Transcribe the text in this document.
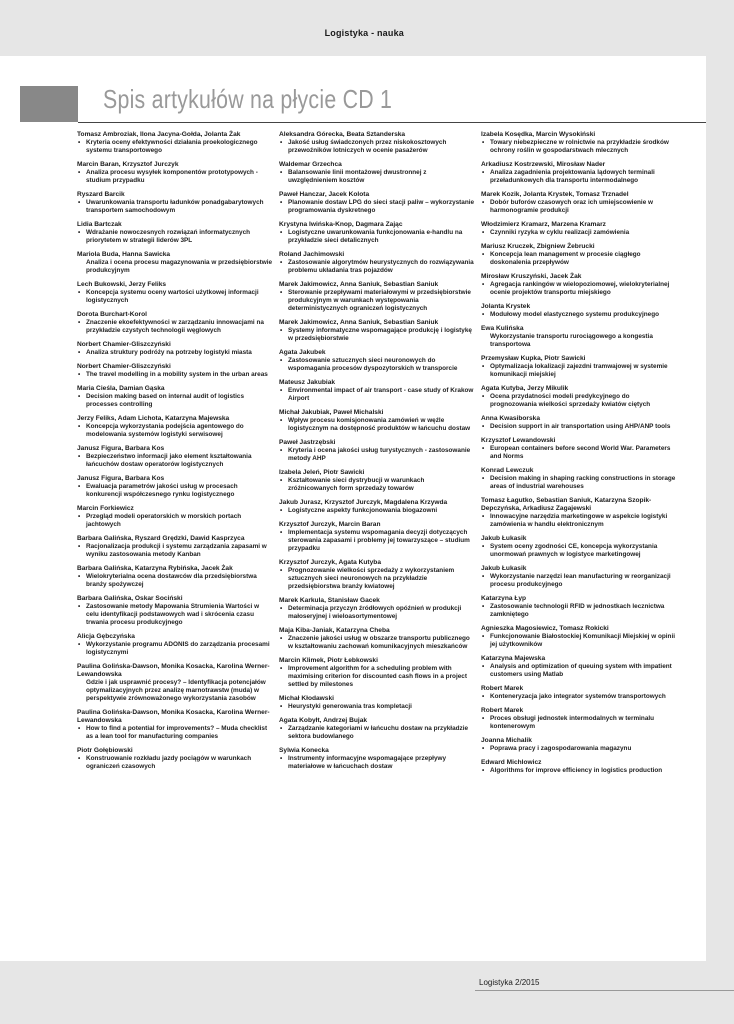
Logistyka - nauka
Spis artykułów na płycie CD 1
Tomasz Ambroziak, Ilona Jacyna-Gołda, Jolanta Żak
• Kryteria oceny efektywności działania proekologicznego systemu transportowego
Marcin Baran, Krzysztof Jurczyk
• Analiza procesu wysyłek komponentów prototypowych - studium przypadku
Ryszard Barcik
• Uwarunkowania transportu ładunków ponadgabarytowych transportem samochodowym
Lidia Bartczak
• Wdrażanie nowoczesnych rozwiązań informatycznych priorytetem w strategii liderów 3PL
Mariola Buda, Hanna Sawicka
Analiza i ocena procesu magazynowania w przedsiębiorstwie produkcyjnym
Lech Bukowski, Jerzy Feliks
• Koncepcja systemu oceny wartości użytkowej informacji logistycznych
Dorota Burchart-Korol
• Znaczenie ekoefektywności w zarządzaniu innowacjami na przykładzie czystych technologii węglowych
Norbert Chamier-Gliszczyński
• Analiza struktury podróży na potrzeby logistyki miasta
Norbert Chamier-Gliszczyński
• The travel modelling in a mobility system in the urban areas
Maria Cieśla, Damian Gąska
• Decision making based on internal audit of logistics processes controlling
Jerzy Feliks, Adam Lichota, Katarzyna Majewska
• Koncepcja wykorzystania podejścia agentowego do modelowania systemów logistyki serwisowej
Janusz Figura, Barbara Kos
• Bezpieczeństwo informacji jako element kształtowania łańcuchów dostaw operatorów logistycznych
Janusz Figura, Barbara Kos
• Ewaluacja parametrów jakości usług w procesach konkurencji współczesnego rynku logistycznego
Marcin Forkiewicz
• Przegląd modeli operatorskich w morskich portach jachtowych
Barbara Galińska, Ryszard Grędzki, Dawid Kasprzyca
• Racjonalizacja produkcji i systemu zarządzania zapasami w wyniku zastosowania metody Kanban
Barbara Galińska, Katarzyna Rybińska, Jacek Żak
• Wielokryterialna ocena dostawców dla przedsiębiorstwa branży spożywczej
Barbara Galińska, Oskar Sociński
• Zastosowanie metody Mapowania Strumienia Wartości w celu identyfikacji podstawowych wad i skrócenia czasu trwania procesu produkcyjnego
Alicja Gębczyńska
• Wykorzystanie programu ADONIS do zarządzania procesami logistycznymi
Paulina Golińska-Dawson, Monika Kosacka, Karolina Werner-Lewandowska
Gdzie i jak usprawnić procesy? – Identyfikacja potencjałów optymalizacyjnych przez analizę marnotrawstw (muda) w perspektywie zrównoważonego wykorzystania zasobów
Paulina Golińska-Dawson, Monika Kosacka, Karolina Werner-Lewandowska
• How to find a potential for improvements? – Muda checklist as a lean tool for manufacturing companies
Piotr Gołębiowski
• Konstruowanie rozkładu jazdy pociągów w warunkach ograniczeń czasowych
Aleksandra Górecka, Beata Sztanderska
• Jakość usług świadczonych przez niskokosztowych przewoźników lotniczych w ocenie pasażerów
Waldemar Grzechca
• Balansowanie linii montażowej dwustronnej z uwzględnieniem kosztów
Paweł Hanczar, Jacek Kolota
• Planowanie dostaw LPG do sieci stacji paliw – wykorzystanie programowania dyskretnego
Krystyna Iwińska-Knop, Dagmara Zając
• Logistyczne uwarunkowania funkcjonowania e-handlu na przykładzie sieci detalicznych
Roland Jachimowski
• Zastosowanie algorytmów heurystycznych do rozwiązywania problemu układania tras pojazdów
Marek Jakimowicz, Anna Saniuk, Sebastian Saniuk
• Sterowanie przepływami materiałowymi w przedsiębiorstwie produkcyjnym w warunkach występowania deterministycznych ograniczeń logistycznych
Marek Jakimowicz, Anna Saniuk, Sebastian Saniuk
• Systemy informatyczne wspomagające produkcję i logistykę w przedsiębiorstwie
Agata Jakubek
• Zastosowanie sztucznych sieci neuronowych do wspomagania procesów dyspozytorskich w transporcie
Mateusz Jakubiak
• Environmental impact of air transport - case study of Krakow Airport
Michał Jakubiak, Paweł Michalski
• Wpływ procesu komisjonowania zamówień w węźle logistycznym na dostępność produktów w łańcuchu dostaw
Paweł Jastrzębski
• Kryteria i ocena jakości usług turystycznych - zastosowanie metody AHP
Izabela Jeleń, Piotr Sawicki
• Kształtowanie sieci dystrybucji w warunkach zróżnicowanych form sprzedaży towarów
Jakub Jurasz, Krzysztof Jurczyk, Magdalena Krzywda
• Logistyczne aspekty funkcjonowania biogazowni
Krzysztof Jurczyk, Marcin Baran
• Implementacja systemu wspomagania decyzji dotyczących sterowania zapasami i problemy jej towarzyszące – studium przypadku
Krzysztof Jurczyk, Agata Kutyba
• Prognozowanie wielkości sprzedaży z wykorzystaniem sztucznych sieci neuronowych na przykładzie przedsiębiorstwa branży kwiatowej
Marek Karkula, Stanisław Gacek
• Determinacja przyczyn źródłowych opóźnień w produkcji małoseryjnej i wieloasortymentowej
Maja Kiba-Janiak, Katarzyna Cheba
• Znaczenie jakości usług w obszarze transportu publicznego w kształtowaniu zachowań komunikacyjnych mieszkańców
Marcin Klimek, Piotr Łebkowski
• Improvement algorithm for a scheduling problem with maximising criterion for discounted cash flows in a project settled by milestones
Michał Kłodawski
• Heurystyki generowania tras kompletacji
Agata Kobyłt, Andrzej Bujak
• Zarządzanie kategoriami w łańcuchu dostaw na przykładzie sektora budowlanego
Sylwia Konecka
• Instrumenty informacyjne wspomagające przepływy materiałowe w łańcuchach dostaw
Izabela Kosędka, Marcin Wysokiński
• Towary niebezpieczne w rolnictwie na przykładzie środków ochrony roślin w gospodarstwach mlecznych
Arkadiusz Kostrzewski, Mirosław Nader
• Analiza zagadnienia projektowania lądowych terminali przeładunkowych dla transportu intermodalnego
Marek Kozik, Jolanta Krystek, Tomasz Trznadel
• Dobór buforów czasowych oraz ich umiejscowienie w harmonogramie produkcji
Włodzimierz Kramarz, Marzena Kramarz
• Czynniki ryzyka w cyklu realizacji zamówienia
Mariusz Kruczek, Zbigniew Żebrucki
• Koncepcja lean management w procesie ciągłego doskonalenia przepływów
Mirosław Kruszyński, Jacek Żak
• Agregacja rankingów w wielopoziomowej, wielokryterialnej ocenie projektów transportu miejskiego
Jolanta Krystek
• Modułowy model elastycznego systemu produkcyjnego
Ewa Kulińska
Wykorzystanie transportu rurociągowego a kongestia transportowa
Przemysław Kupka, Piotr Sawicki
• Optymalizacja lokalizacji zajezdni tramwajowej w systemie komunikacji miejskiej
Agata Kutyba, Jerzy Mikulik
• Ocena przydatności modeli predykcyjnego do prognozowania wielkości sprzedaży kwiatów ciętych
Anna Kwasiborska
• Decision support in air transportation using AHP/ANP tools
Krzysztof Lewandowski
• European containers before second World War. Parameters and Norms
Konrad Lewczuk
• Decision making in shaping racking constructions in storage areas of industrial warehouses
Tomasz Łagutko, Sebastian Saniuk, Katarzyna Szopik-Depczyńska, Arkadiusz Zagajewski
• Innowacyjne narzędzia marketingowe w aspekcie logistyki zamówienia w handlu elektronicznym
Jakub Łukasik
• System oceny zgodności CE, koncepcja wykorzystania unormowań prawnych w logistyce marketingowej
Jakub Łukasik
• Wykorzystanie narzędzi lean manufacturing w reorganizacji procesu produkcyjnego
Katarzyna Łyp
• Zastosowanie technologii RFID w jednostkach lecznictwa zamkniętego
Agnieszka Magosiewicz, Tomasz Rokicki
• Funkcjonowanie Białostockiej Komunikacji Miejskiej w opinii jej użytkowników
Katarzyna Majewska
• Analysis and optimization of queuing system with impatient customers using Matlab
Robert Marek
• Konteneryzacja jako integrator systemów transportowych
Robert Marek
• Proces obsługi jednostek intermodalnych w terminalu kontenerowym
Joanna Michalik
• Poprawa pracy i zagospodarowania magazynu
Edward Michlowicz
• Algorithms for improve efficiency in logistics production
Logistyka 2/2015
